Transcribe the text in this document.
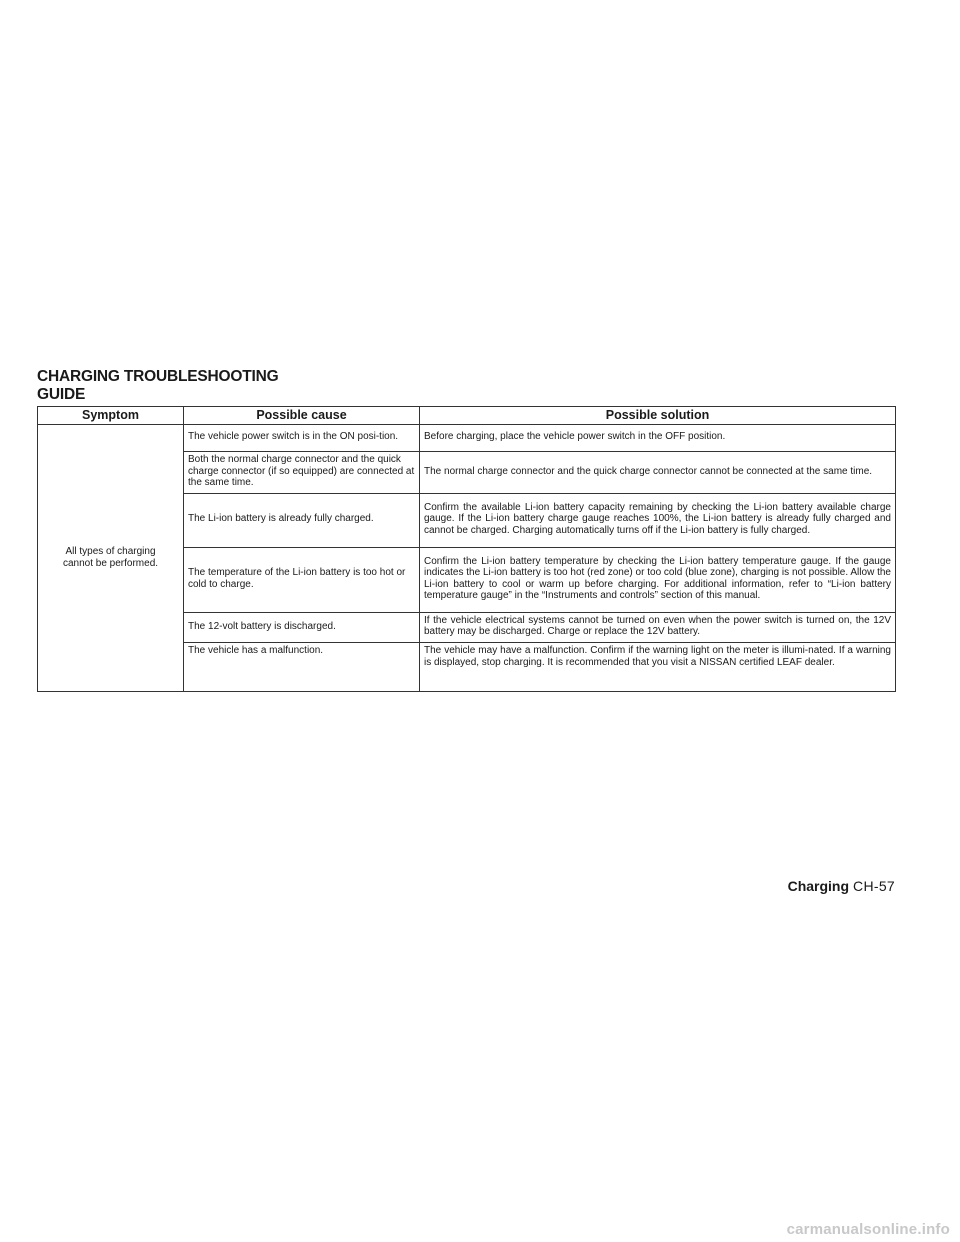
CHARGING TROUBLESHOOTING
GUIDE
Symptom	Possible cause	Possible solution
All types of charging
cannot be performed.	The vehicle power switch is in the ON posi-tion.	Before charging, place the vehicle power switch in the OFF position.
	Both the normal charge connector and the quick charge connector (if so equipped) are connected at the same time.	The normal charge connector and the quick charge connector cannot be connected at the same time.
	The Li-ion battery is already fully charged.	Confirm the available Li-ion battery capacity remaining by checking the Li-ion battery available charge gauge. If the Li-ion battery charge gauge reaches 100%, the Li-ion battery is already fully charged and cannot be charged. Charging automatically turns off if the Li-ion battery is fully charged.
	The temperature of the Li-ion battery is too hot or cold to charge.	Confirm the Li-ion battery temperature by checking the Li-ion battery temperature gauge. If the gauge indicates the Li-ion battery is too hot (red zone) or too cold (blue zone), charging is not possible. Allow the Li-ion battery to cool or warm up before charging. For additional information, refer to “Li-ion battery temperature gauge” in the “Instruments and controls” section of this manual.
	The 12-volt battery is discharged.	If the vehicle electrical systems cannot be turned on even when the power switch is turned on, the 12V battery may be discharged. Charge or replace the 12V battery.
	The vehicle has a malfunction.	The vehicle may have a malfunction. Confirm if the warning light on the meter is illumi-nated. If a warning is displayed, stop charging. It is recommended that you visit a NISSAN certified LEAF dealer.
Charging CH-57
carmanualsonline.info
